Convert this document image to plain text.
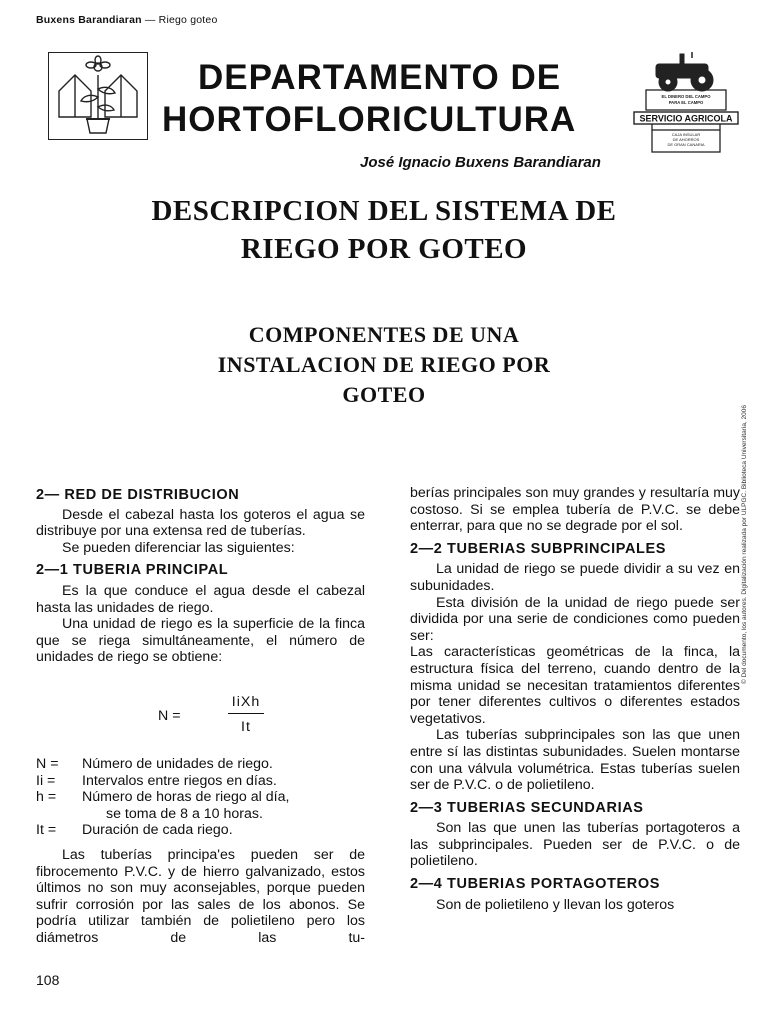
Buxens Barandiaran — Riego goteo
DEPARTAMENTO DE
HORTOFLORICULTURA
EL DINERO DEL CAMPO
PARA EL CAMPO
SERVICIO AGRICOLA
CAJA INSULAR
DE AHORROS
DE GRAN CANARIA
José Ignacio Buxens Barandiaran
DESCRIPCION DEL SISTEMA DE
RIEGO POR GOTEO
COMPONENTES DE UNA
INSTALACION DE RIEGO POR
GOTEO
© Del documento, los autores. Digitalización realizada por ULPGC. Biblioteca Universitaria, 2006
2— RED DE DISTRIBUCION

Desde el cabezal hasta los goteros el agua se distribuye por una extensa red de tuberías.

Se pueden diferenciar las siguientes:

2—1 TUBERIA PRINCIPAL

Es la que conduce el agua desde el cabezal hasta las unidades de riego.

Una unidad de riego es la superficie de la finca que se riega simultáneamente, el número de unidades de riego se obtiene:

N =
IiXh
It
N =	Número de unidades de riego.
Ii =	Intervalos entre riegos en días.
h =	Número de horas de riego al día,
se toma de 8 a 10 horas.
It =	Duración de cada riego.

Las tuberías principa'es pueden ser de fibrocemento P.V.C. y de hierro galvanizado, estos últimos no son muy aconsejables, porque pueden sufrir corrosión por las sales de los abonos. Se podría utilizar también de polietileno pero los diámetros de las tu-

berías principales son muy grandes y resultaría muy costoso. Si se emplea tubería de P.V.C. se debe enterrar, para que no se degrade por el sol.

2—2 TUBERIAS SUBPRINCIPALES

La unidad de riego se puede dividir a su vez en subunidades.

Esta división de la unidad de riego puede ser dividida por una serie de condiciones como pueden ser:

Las características geométricas de la finca, la estructura física del terreno, cuando dentro de la misma unidad se necesitan tratamientos diferentes por tener diferentes cultivos o diferentes estados vegetativos.

Las tuberías subprincipales son las que unen entre sí las distintas subunidades. Suelen montarse con una válvula volumétrica. Estas tuberías suelen ser de P.V.C. o de polietileno.

2—3 TUBERIAS SECUNDARIAS

Son las que unen las tuberías portagoteros a las subprincipales. Pueden ser de P.V.C. o de polietileno.

2—4 TUBERIAS PORTAGOTEROS

Son de polietileno y llevan los goteros

108
